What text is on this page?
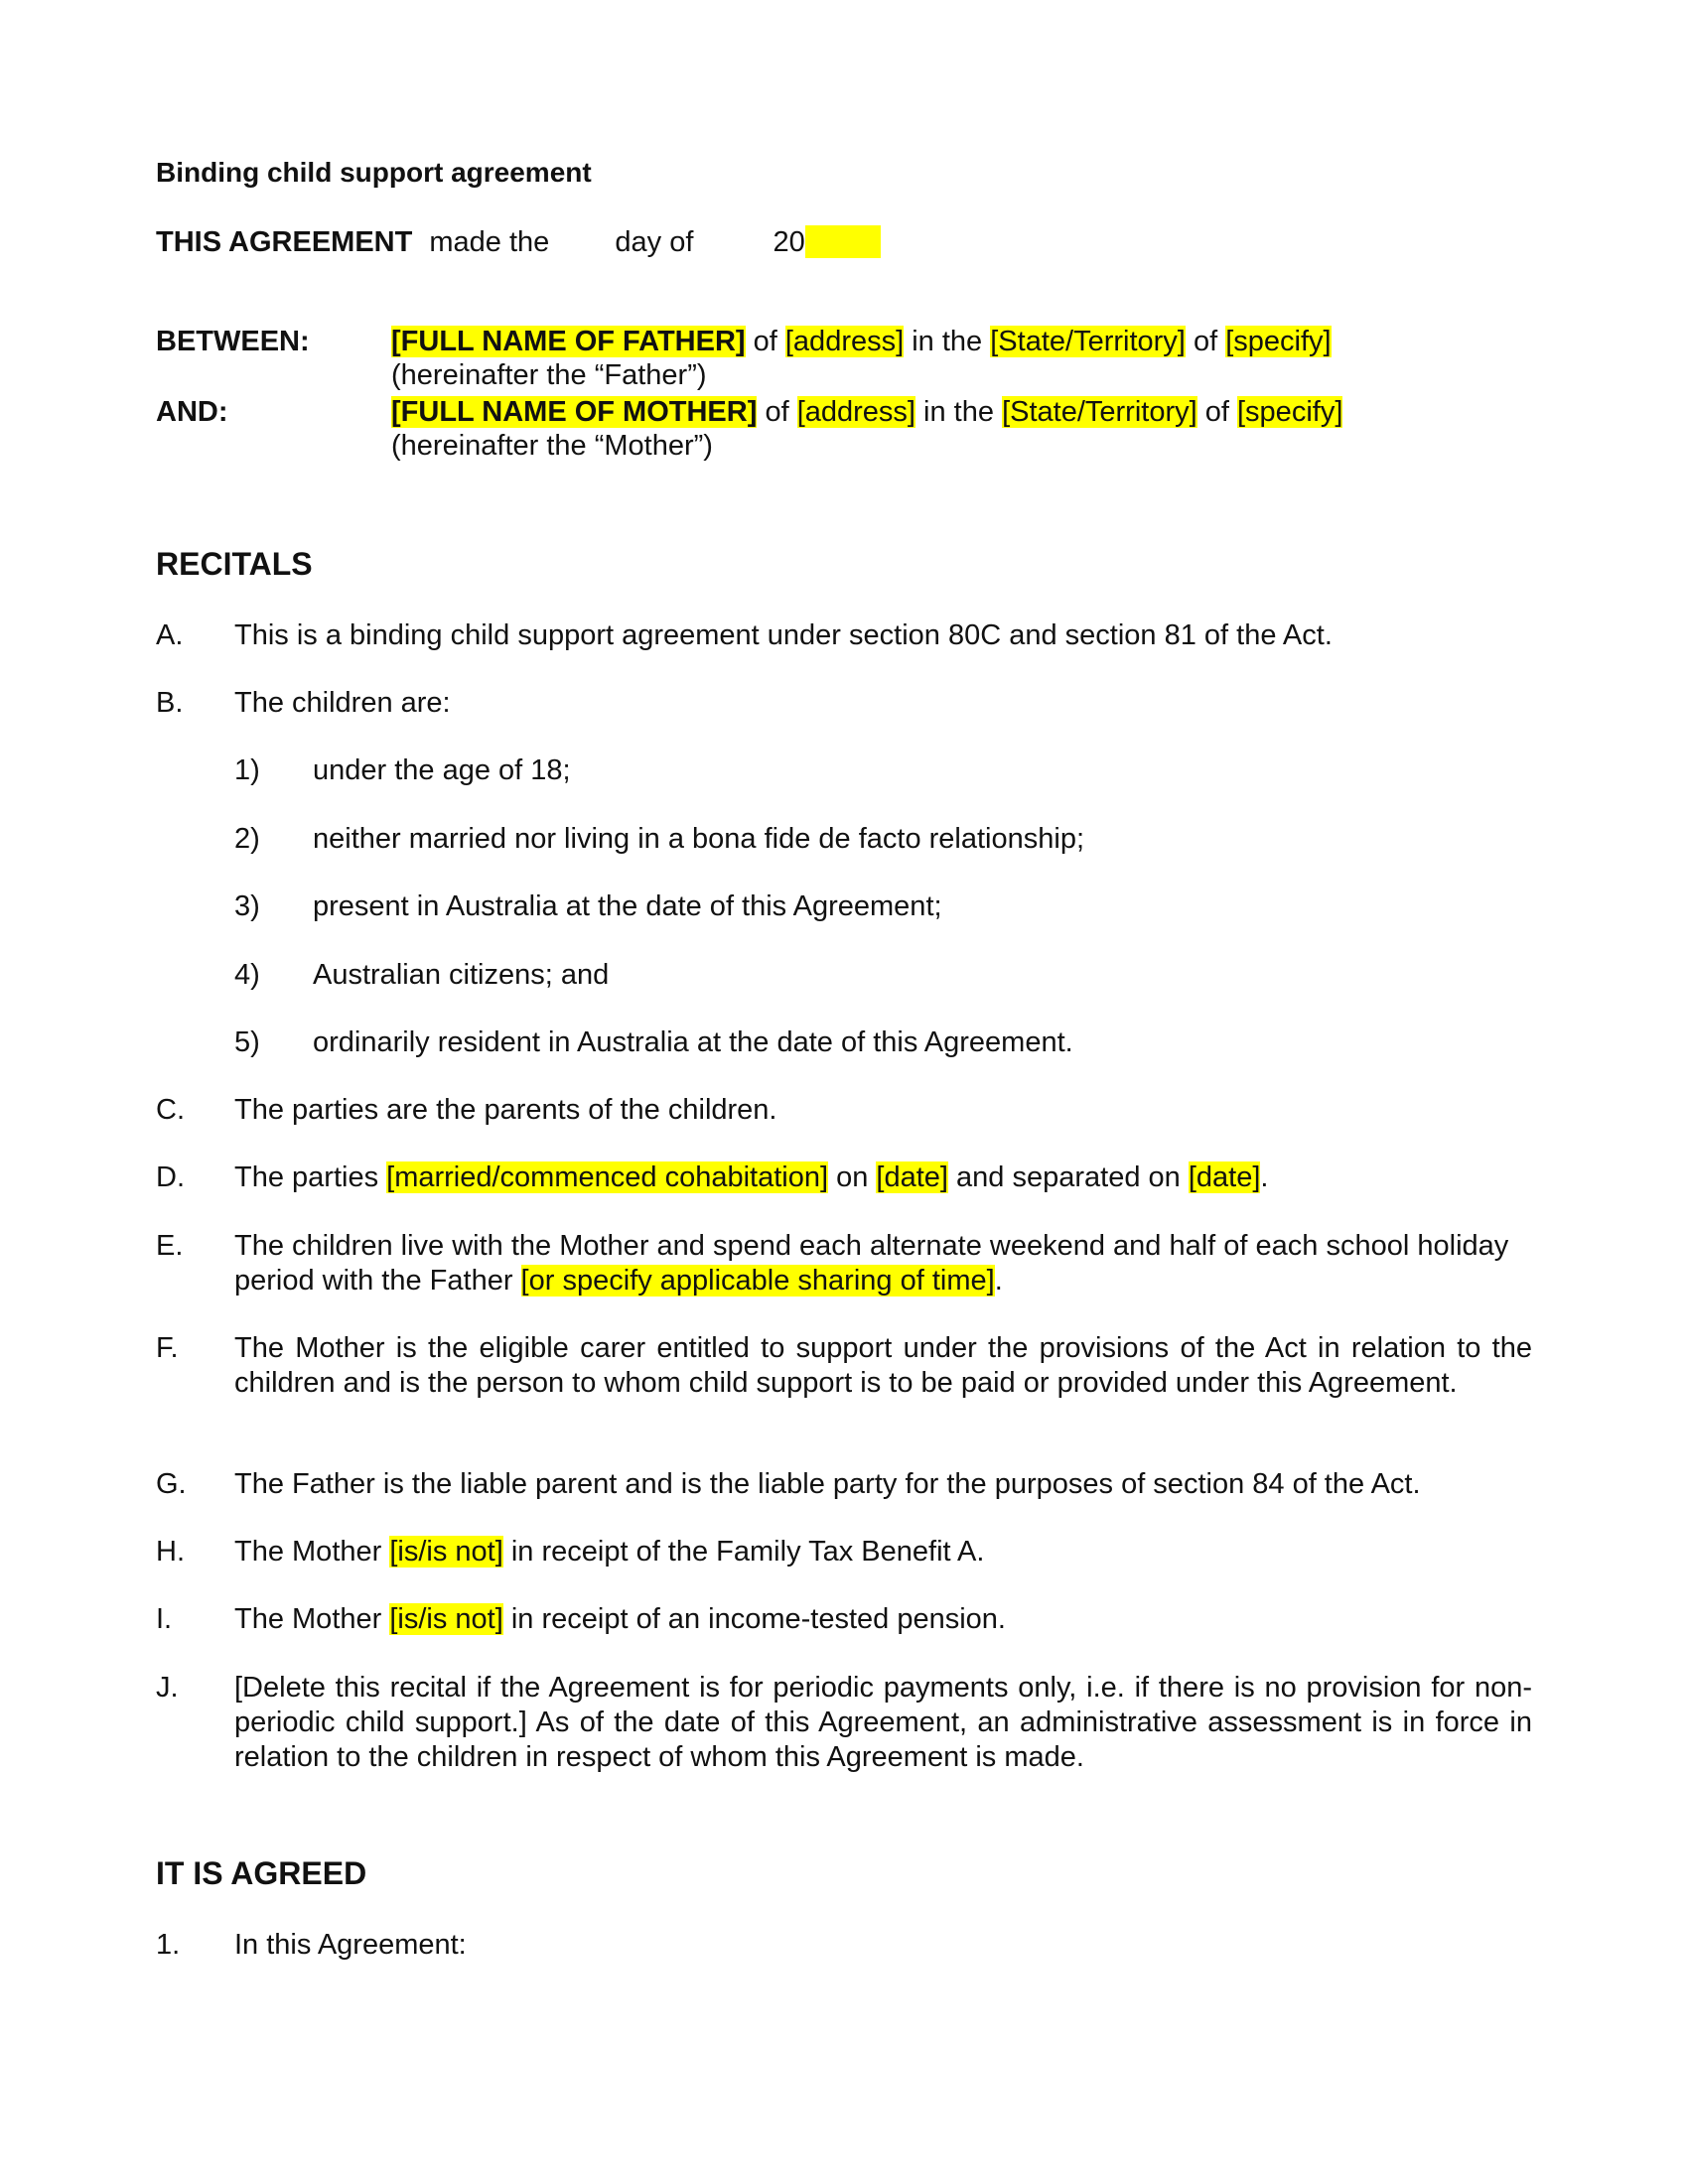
Binding child support agreement
THIS AGREEMENT made the day of	20
BETWEEN:	[FULL NAME OF FATHER] of [address] in the [State/Territory] of [specify]
(hereinafter the “Father”)
AND:	[FULL NAME OF MOTHER] of [address] in the [State/Territory] of [specify]
(hereinafter the “Mother”)
RECITALS
A. This is a binding child support agreement under section 80C and section 81 of the Act.
B. The children are:
1) under the age of 18;
2) neither married nor living in a bona fide de facto relationship;
3) present in Australia at the date of this Agreement;
4) Australian citizens; and
5) ordinarily resident in Australia at the date of this Agreement.
C. The parties are the parents of the children.
D. The parties [married/commenced cohabitation] on [date] and separated on [date].
E. The children live with the Mother and spend each alternate weekend and half of each school holiday period with the Father [or specify applicable sharing of time].
F. The Mother is the eligible carer entitled to support under the provisions of the Act in relation to the children and is the person to whom child support is to be paid or provided under this Agreement.
G. The Father is the liable parent and is the liable party for the purposes of section 84 of the Act.
H. The Mother [is/is not] in receipt of the Family Tax Benefit A.
I. The Mother [is/is not] in receipt of an income-tested pension.
J. [Delete this recital if the Agreement is for periodic payments only, i.e. if there is no provision for non-periodic child support.] As of the date of this Agreement, an administrative assessment is in force in relation to the children in respect of whom this Agreement is made.
IT IS AGREED
1. In this Agreement:
